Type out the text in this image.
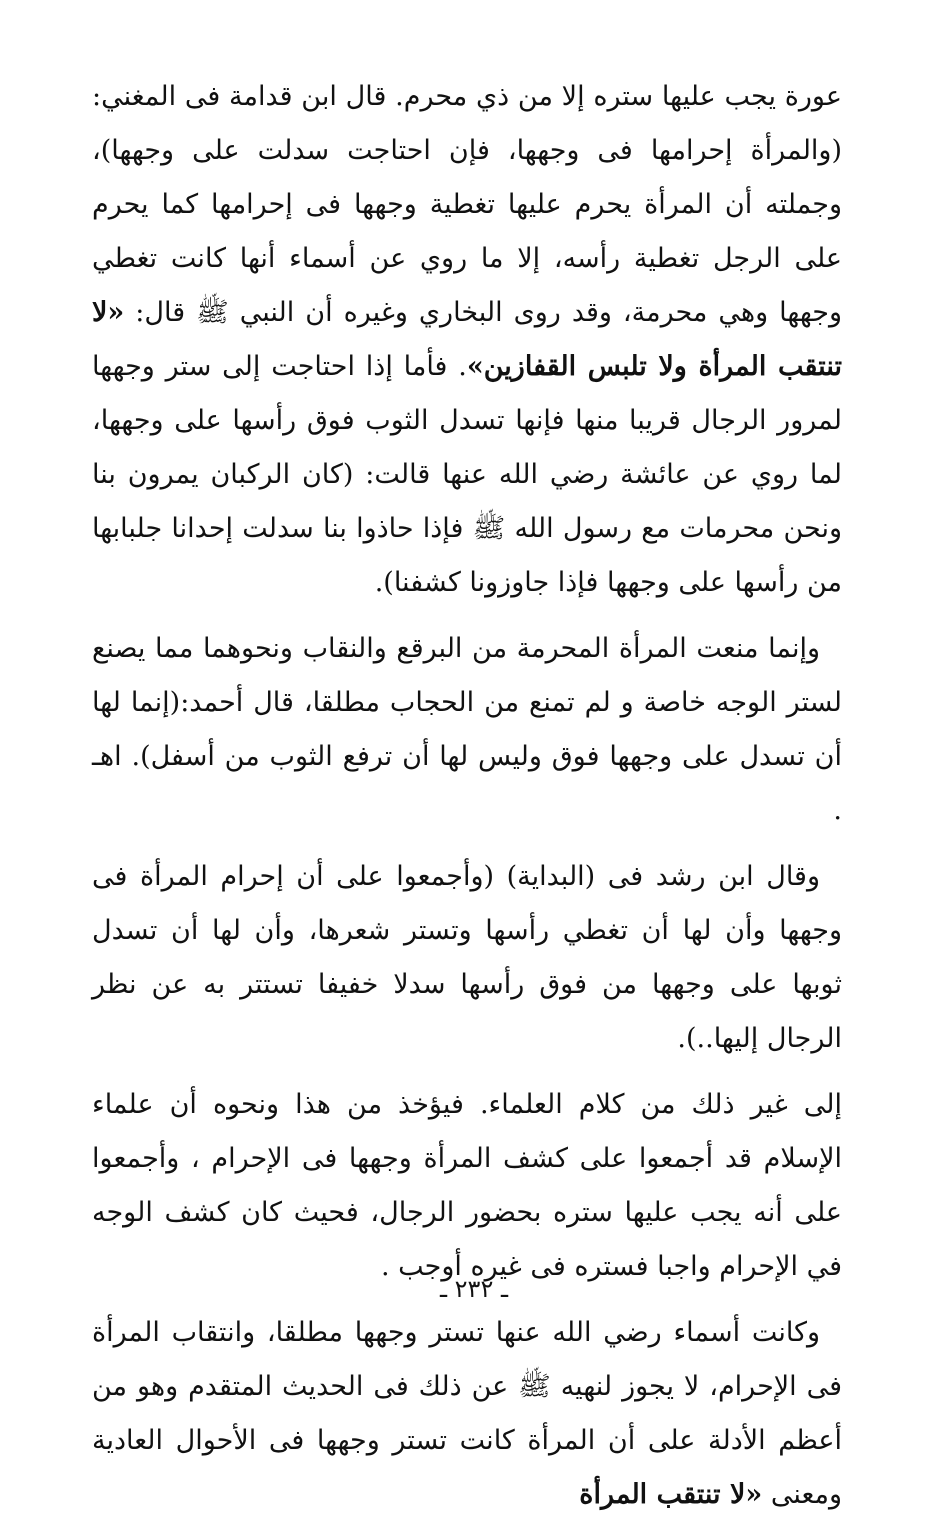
عورة يجب عليها ستره إلا من ذي محرم. قال ابن قدامة فى المغني:(والمرأة إحرامها فى وجهها، فإن احتاجت سدلت على وجهها)، وجملته أن المرأة يحرم عليها تغطية وجهها فى إحرامها كما يحرم على الرجل تغطية رأسه، إلا ما روي عن أسماء أنها كانت تغطي وجهها وهي محرمة، وقد روى البخاري وغيره أن النبي ﷺ قال: «لا تنتقب المرأة ولا تلبس القفازين». فأما إذا احتاجت إلى ستر وجهها لمرور الرجال قريبا منها فإنها تسدل الثوب فوق رأسها على وجهها، لما روي عن عائشة رضي الله عنها قالت: (كان الركبان يمرون بنا ونحن محرمات مع رسول الله ﷺ فإذا حاذوا بنا سدلت إحدانا جلبابها من رأسها على وجهها فإذا جاوزونا كشفنا).

وإنما منعت المرأة المحرمة من البرقع والنقاب ونحوهما مما يصنع لستر الوجه خاصة و لم تمنع من الحجاب مطلقا، قال أحمد:(إنما لها أن تسدل على وجهها فوق وليس لها أن ترفع الثوب من أسفل). اهـ .

وقال ابن رشد فى (البداية) (وأجمعوا على أن إحرام المرأة فى وجهها وأن لها أن تغطي رأسها وتستر شعرها، وأن لها أن تسدل ثوبها على وجهها من فوق رأسها سدلا خفيفا تستتر به عن نظر الرجال إليها..).

إلى غير ذلك من كلام العلماء. فيؤخذ من هذا ونحوه أن علماء الإسلام قد أجمعوا على كشف المرأة وجهها فى الإحرام ، وأجمعوا على أنه يجب عليها ستره بحضور الرجال، فحيث كان كشف الوجه في الإحرام واجبا فستره فى غيره أوجب .

وكانت أسماء رضي الله عنها تستر وجهها مطلقا، وانتقاب المرأة فى الإحرام، لا يجوز لنهيه ﷺ عن ذلك فى الحديث المتقدم وهو من أعظم الأدلة على أن المرأة كانت تستر وجهها فى الأحوال العادية ومعنى «لا تنتقب المرأة

ـ ٢٣٢ ـ
